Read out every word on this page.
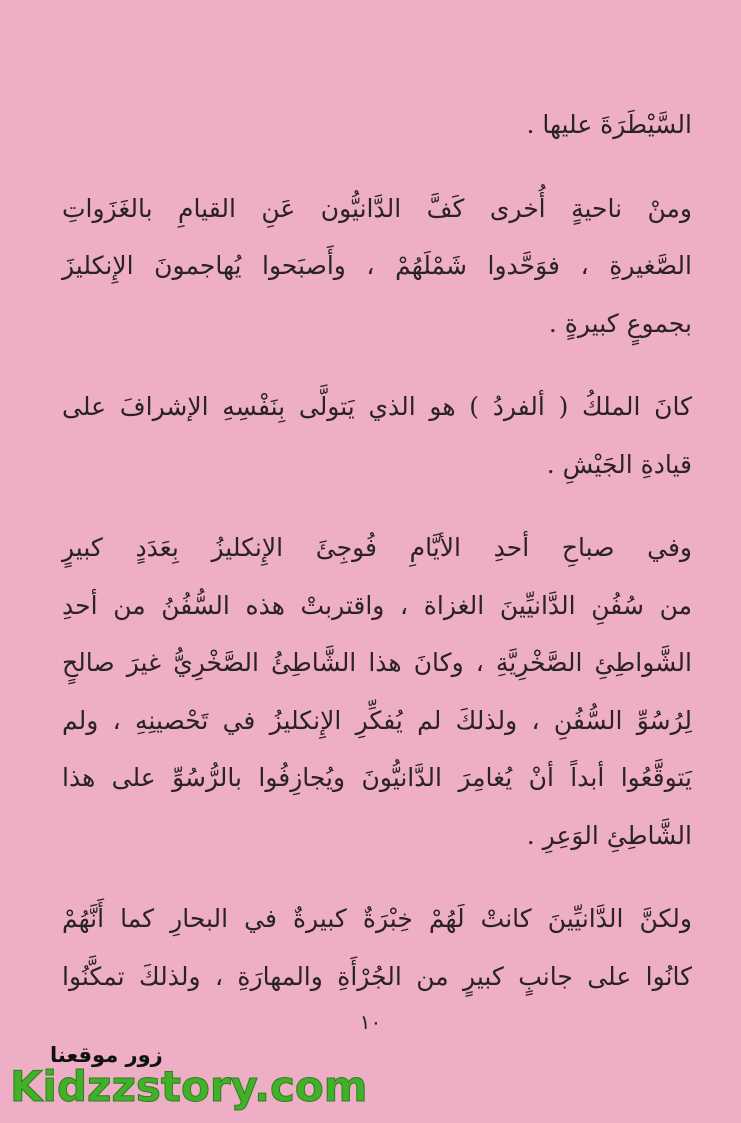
السَّيْطَرَةَ عليها .

ومنْ ناحيةٍ أُخرى كَفَّ الدَّانيُّون عَنِ القيامِ بالغَزَواتِ
الصَّغيرةِ ، فوَحَّدوا شَمْلَهُمْ ، وأَصبَحوا يُهاجمونَ الإِنكليزَ
بجموعٍ كبيرةٍ .

كانَ الملكُ ( ألفردُ ) هو الذي يَتولَّى بِنَفْسِهِ الإشرافَ على
قيادةِ الجَيْشِ .

وفي صباحِ أحدِ الأيَّامِ فُوجِئَ الإِنكليزُ بِعَدَدٍ كبيرٍ
من سُفُنِ الدَّانيِّينَ الغزاة ، واقتربتْ هذه السُّفُنُ من أحدِ
الشَّواطِئِ الصَّخْرِيَّةِ ، وكانَ هذا الشَّاطِئُ الصَّخْرِيُّ غيرَ صالحٍ
لِرُسُوِّ السُّفُنِ ، ولذلكَ لم يُفكِّرِ الإِنكليزُ في تَحْصينِهِ ، ولم
يَتوقَّعُوا أبداً أنْ يُغامِرَ الدَّانيُّونَ ويُجازِفُوا بالرُّسُوِّ على هذا
الشَّاطِئِ الوَعِرِ .

ولكنَّ الدَّانيِّينَ كانتْ لَهُمْ خِبْرَةٌ كبيرةٌ في البحارِ كما أَنَّهُمْ
كانُوا على جانبٍ كبيرٍ من الجُرْأَةِ والمهارَةِ ، ولذلكَ تمكَّنُوا

١٠
زور موقعنا
Kidzzstory.com
